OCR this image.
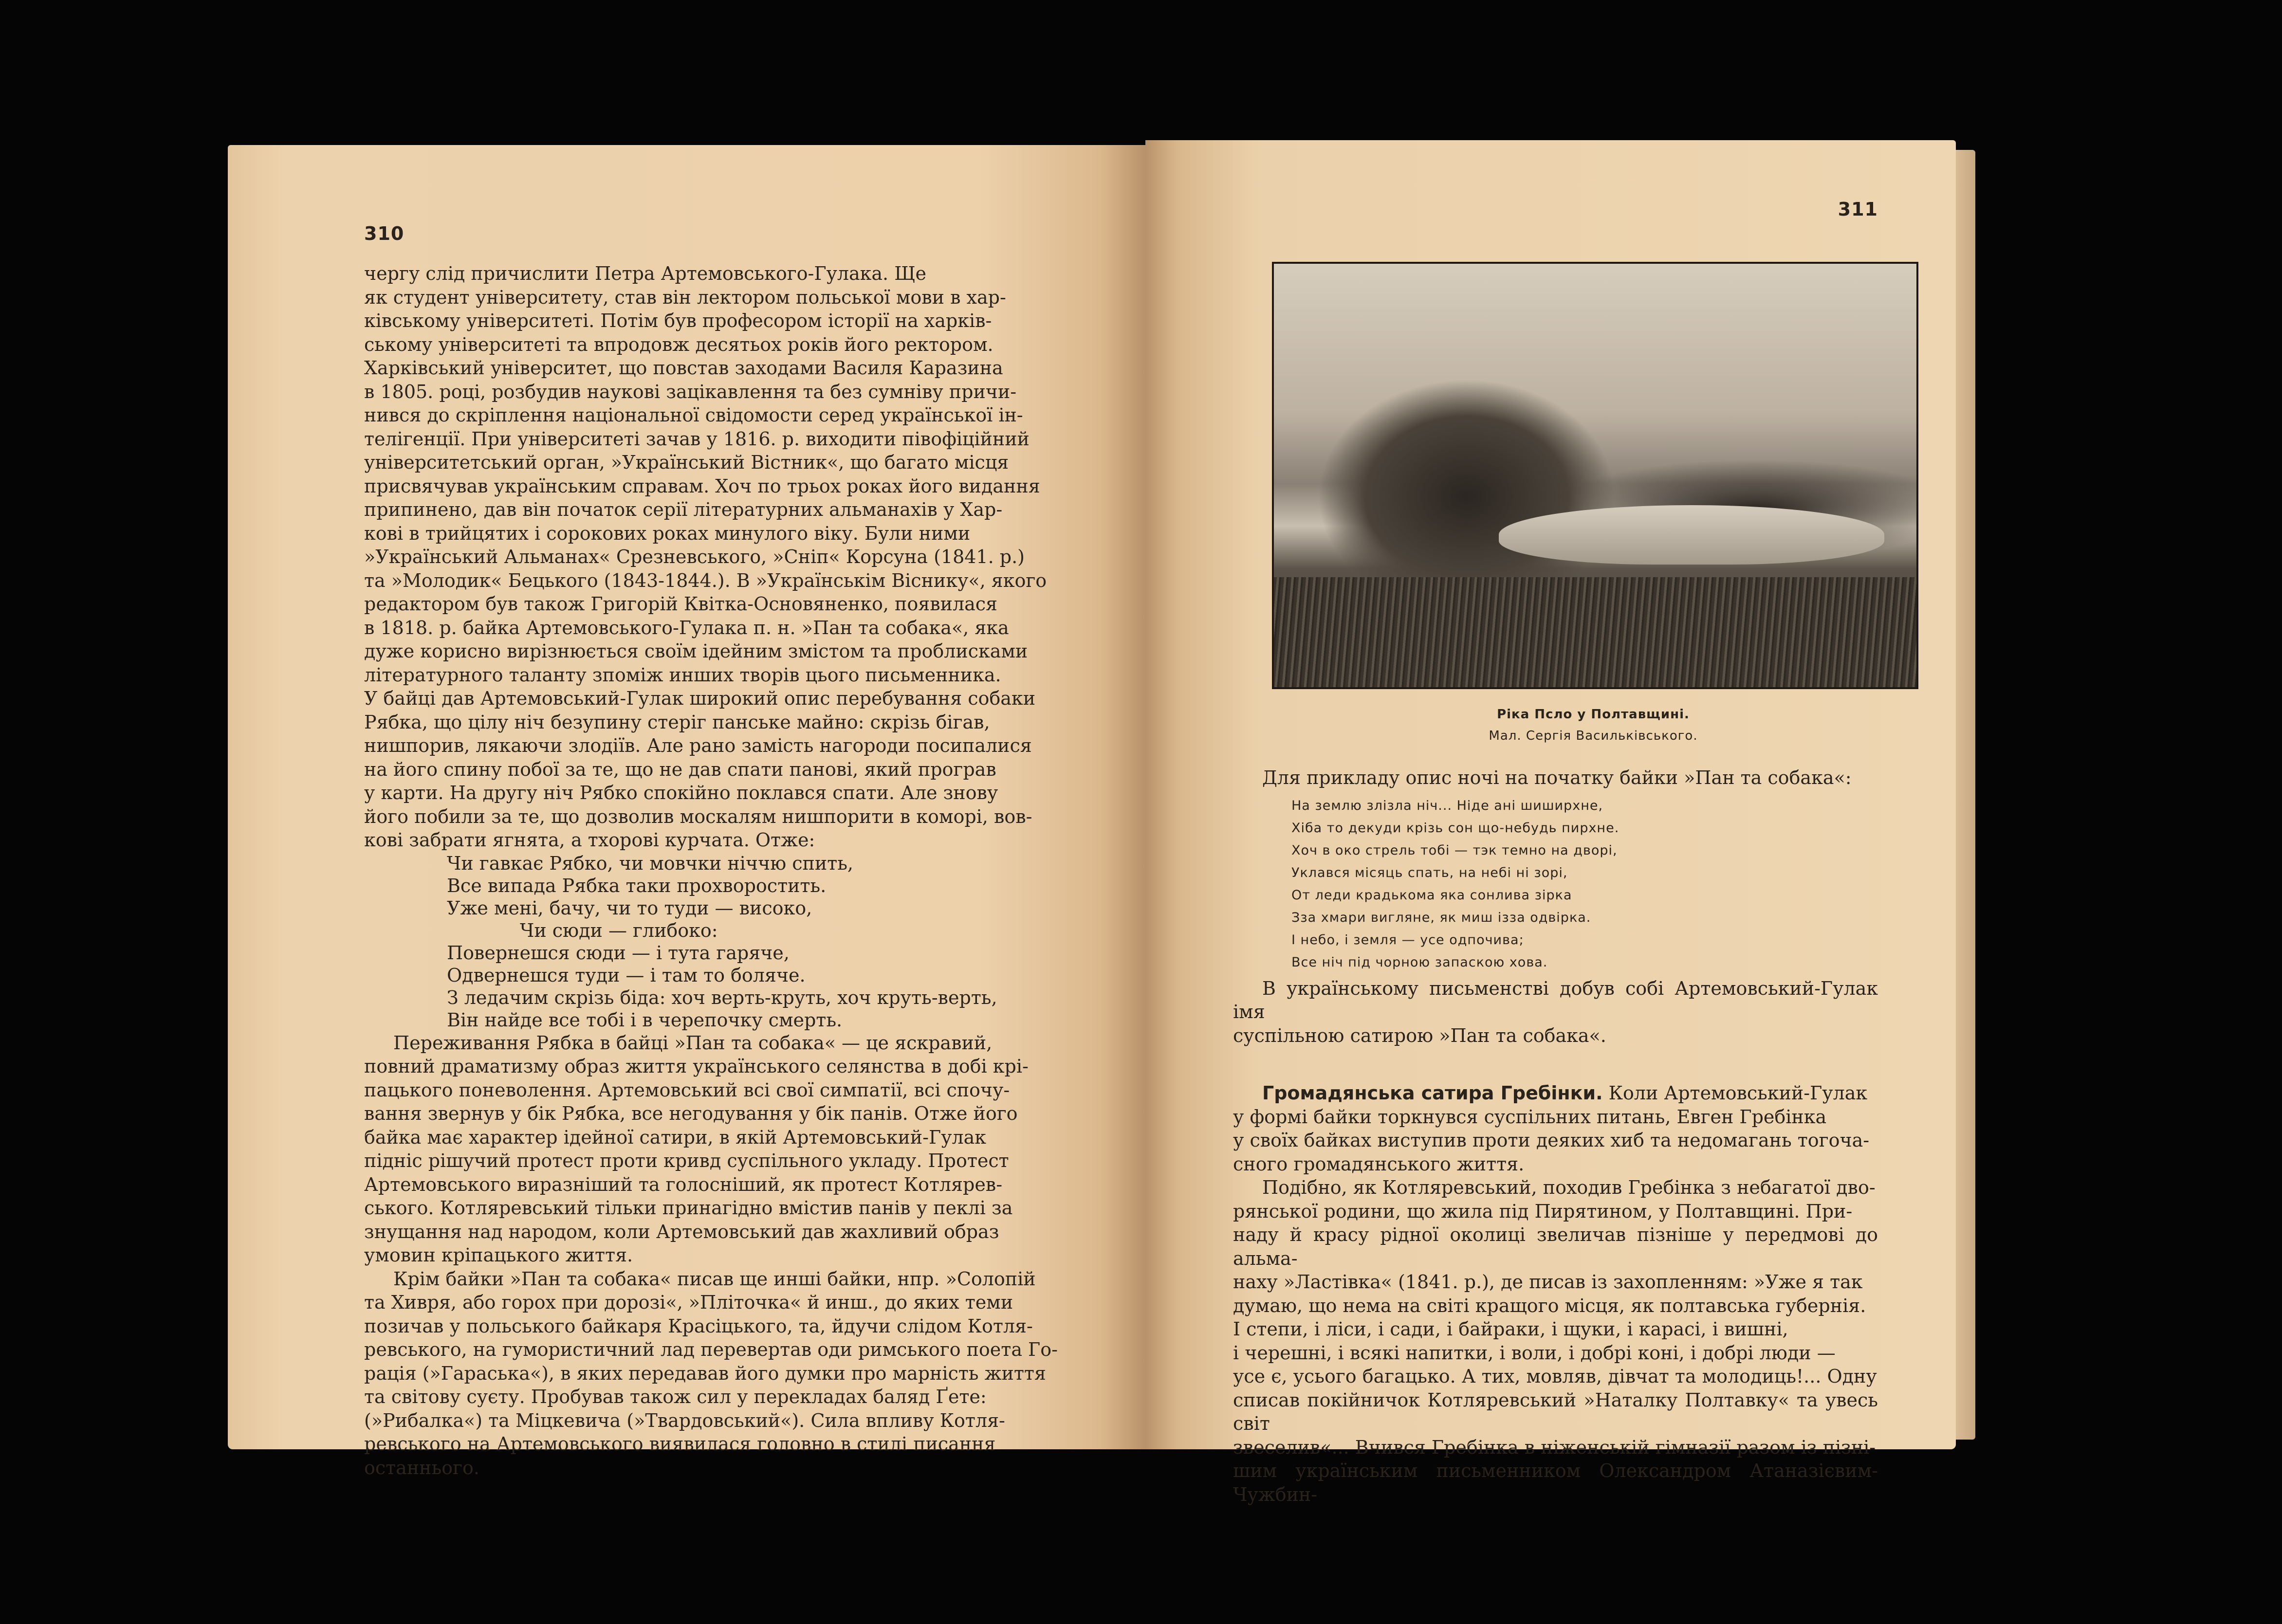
310

чергу слід причислити Петра Артемовського-Гулака. Ще

як студент університету, став він лектором польської мови в хар-

ківському університеті. Потім був професором історії на харків-

ському університеті та впродовж десятьох років його ректором.

Харківський університет, що повстав заходами Василя Каразина

в 1805. році, розбудив наукові зацікавлення та без сумніву причи-

нився до скріплення національної свідомости серед української ін-

телігенції. При університеті зачав у 1816. р. виходити півофіційний

університетський орган, »Український Вістник«, що багато місця

присвячував українським справам. Хоч по трьох роках його видання

припинено, дав він початок серії літературних альманахів у Хар-

кові в трийцятих і сорокових роках минулого віку. Були ними

»Український Альманах« Срезневського, »Сніп« Корсуна (1841. р.)

та »Молодик« Бецького (1843-1844.). В »Українськім Віснику«, якого

редактором був також Григорій Квітка-Основяненко, появилася

в 1818. р. байка Артемовського-Гулака п. н. »Пан та собака«, яка

дуже корисно вирізнюється своїм ідейним змістом та проблисками

літературного таланту зпоміж инших творів цього письменника.

У байці дав Артемовський-Гулак широкий опис перебування собаки

Рябка, що цілу ніч безупину стеріг панське майно: скрізь бігав,

нишпорив, лякаючи злодіїв. Але рано замість нагороди посипалися

на його спину побої за те, що не дав спати панові, який програв

у карти. На другу ніч Рябко спокійно поклався спати. Але знову

його побили за те, що дозволив москалям нишпорити в коморі, вов-

кові забрати ягнята, а тхорові курчата. Отже:

Чи гавкає Рябко, чи мовчки ніччю спить,
Все випада Рябка таки прохворостить.
Уже мені, бачу, чи то туди — високо,
Чи сюди — глибоко:
Повернешся сюди — і тута гаряче,
Одвернешся туди — і там то боляче.
З ледачим скрізь біда: хоч верть-круть, хоч круть-верть,
Він найде все тобі і в черепочку смерть.

Переживання Рябка в байці »Пан та собака« — це яскравий,

повний драматизму образ життя українського селянства в добі крі-

пацького поневолення. Артемовський всі свої симпатії, всі спочу-

вання звернув у бік Рябка, все негодування у бік панів. Отже його

байка має характер ідейної сатири, в якій Артемовський-Гулак

підніс рішучий протест проти кривд суспільного укладу. Протест

Артемовського виразніший та голосніший, як протест Котлярев-

ського. Котляревський тільки принагідно вмістив панів у пеклі за

знущання над народом, коли Артемовський дав жахливий образ

умовин кріпацького життя.

Крім байки »Пан та собака« писав ще инші байки, нпр. »Солопій

та Хивря, або горох при дорозі«, »Пліточка« й инш., до яких теми

позичав у польського байкаря Красіцького, та, йдучи слідом Котля-

ревського, на гумористичний лад перевертав оди римського поета Го-

рація (»Гараська«), в яких передавав його думки про марність життя

та світову суєту. Пробував також сил у перекладах баляд Ґете:

(»Рибалка«) та Міцкевича (»Твардовський«). Сила впливу Котля-

ревського на Артемовського виявилася головно в стилі писання

останнього.

311
Ріка Псло у Полтавщині.
Мал. Сергія Васильківського.

Для прикладу опис ночі на початку байки »Пан та собака«:

На землю злізла ніч... Ніде ані шиширхне,
Хіба то декуди крізь сон що-небудь пирхне.
Хоч в око стрель тобі — тэк темно на дворі,
Уклався місяць спать, на небі ні зорі,
От леди крадькома яка сонлива зірка
Зза хмари вигляне, як миш ізза одвірка.
І небо, і земля — усе одпочива;
Все ніч під чорною запаскою хова.

В українському письменстві добув собі Артемовський-Гулак імя

суспільною сатирою »Пан та собака«.

Громадянська сатира Гребінки. Коли Артемовський-Гулак

у формі байки торкнувся суспільних питань, Евген Гребінка

у своїх байках виступив проти деяких хиб та недомагань тогоча-

сного громадянського життя.

Подібно, як Котляревський, походив Гребінка з небагатої дво-

рянської родини, що жила під Пирятином, у Полтавщині. При-

наду й красу рідної околиці звеличав пізніше у передмові до альма-

наху »Ластівка« (1841. р.), де писав із захопленням: »Уже я так

думаю, що нема на світі кращого місця, як полтавська губернія.

І степи, і ліси, і сади, і байраки, і щуки, і карасі, і вишні,

і черешні, і всякі напитки, і воли, і добрі коні, і добрі люди —

усе є, усього багацько. А тих, мовляв, дівчат та молодиць!... Одну

списав покійничок Котляревський »Наталку Полтавку« та увесь світ

звеселив«... Вчився Гребінка в ніженській гімназії разом із пізні-

шим українським письменником Олександром Атаназієвим-Чужбин-
